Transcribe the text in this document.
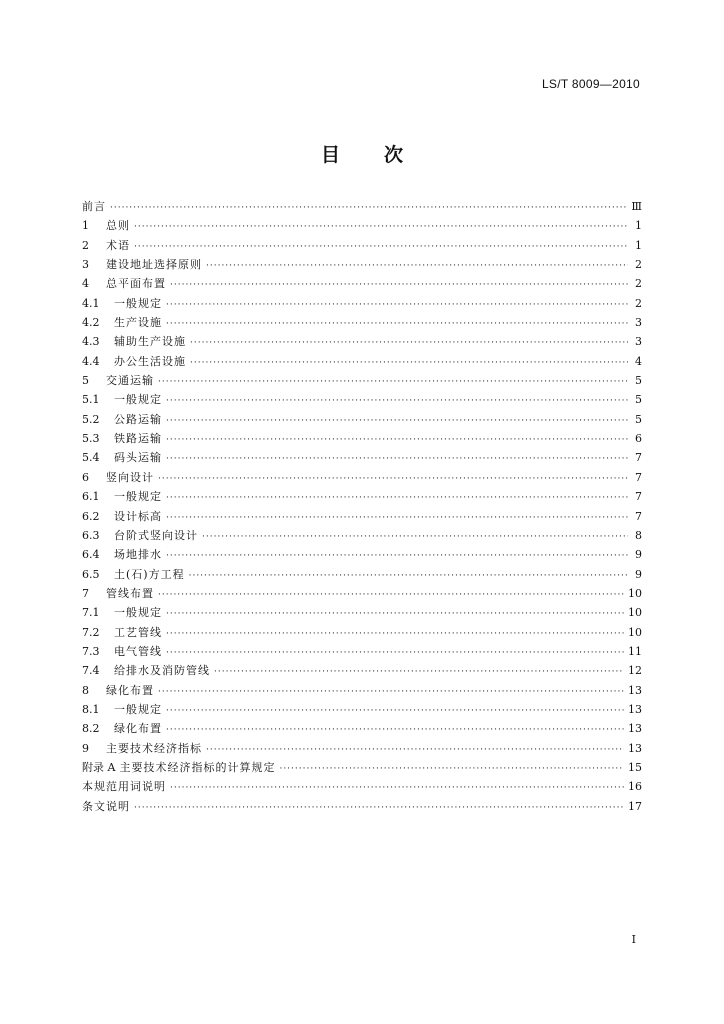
LS/T 8009—2010
目 次
前言 ·····	Ⅲ
1	总则 ·····	1
2	术语 ·····	1
3	建设地址选择原则 ·····	2
4	总平面布置 ·····	2
4.1	一般规定 ·····	2
4.2	生产设施 ·····	3
4.3	辅助生产设施 ·····	3
4.4	办公生活设施 ·····	4
5	交通运输 ·····	5
5.1	一般规定 ·····	5
5.2	公路运输 ·····	5
5.3	铁路运输 ·····	6
5.4	码头运输 ·····	7
6	竖向设计 ·····	7
6.1	一般规定 ·····	7
6.2	设计标高 ·····	7
6.3	台阶式竖向设计 ·····	8
6.4	场地排水 ·····	9
6.5	土(石)方工程 ·····	9
7	管线布置 ·····	10
7.1	一般规定 ·····	10
7.2	工艺管线 ·····	10
7.3	电气管线 ·····	11
7.4	给排水及消防管线 ·····	12
8	绿化布置 ·····	13
8.1	一般规定 ·····	13
8.2	绿化布置 ·····	13
9	主要技术经济指标 ·····	13
附录 A 主要技术经济指标的计算规定 ·····	15
本规范用词说明 ·····	16
条文说明 ·····	17
I
